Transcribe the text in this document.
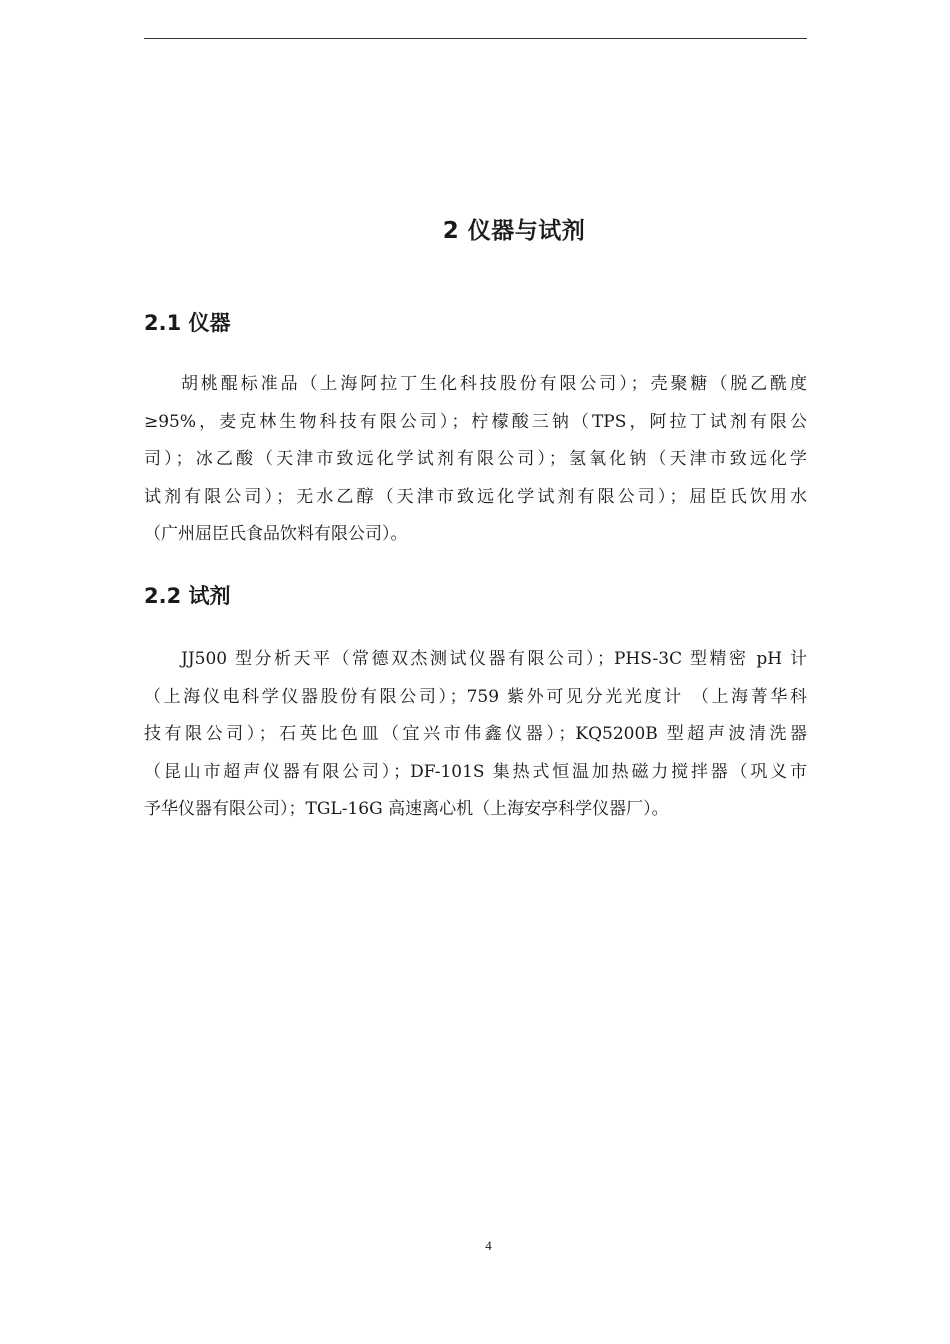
2 仪器与试剂
2.1 仪器
胡桃醌标准品（上海阿拉丁生化科技股份有限公司）；壳聚糖（脱乙酰度
≥95%，麦克林生物科技有限公司）；柠檬酸三钠（TPS，阿拉丁试剂有限公
司）；冰乙酸（天津市致远化学试剂有限公司）；氢氧化钠（天津市致远化学
试剂有限公司）；无水乙醇（天津市致远化学试剂有限公司）；屈臣氏饮用水
（广州屈臣氏食品饮料有限公司）。
2.2 试剂
JJ500 型分析天平（常德双杰测试仪器有限公司）；PHS-3C 型精密 pH 计
（上海仪电科学仪器股份有限公司）；759 紫外可见分光光度计 （上海菁华科
技有限公司）；石英比色皿（宜兴市伟鑫仪器）；KQ5200B 型超声波清洗器
（昆山市超声仪器有限公司）；DF-101S 集热式恒温加热磁力搅拌器（巩义市
予华仪器有限公司）；TGL-16G 高速离心机（上海安亭科学仪器厂）。
4
